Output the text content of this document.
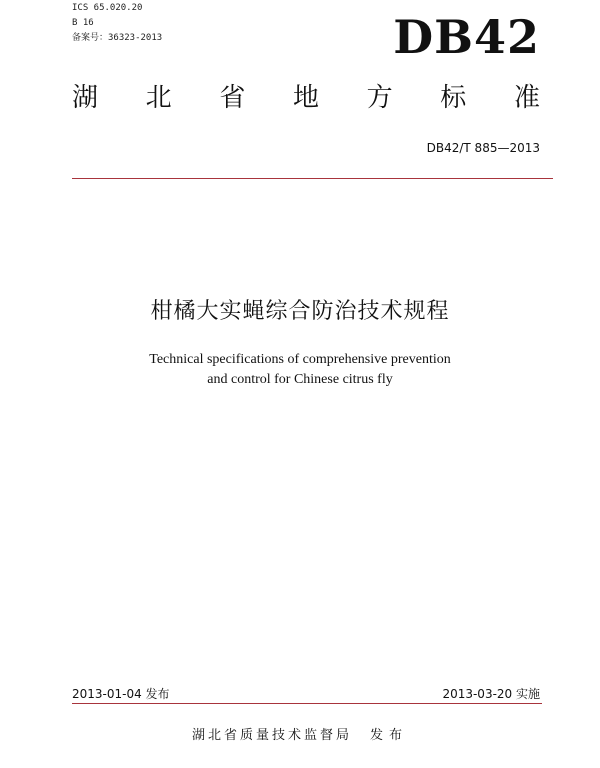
ICS 65.020.20
B 16
备案号：36323-2013	DB42
湖 北 省 地 方 标 准
DB42/T 885—2013
柑橘大实蝇综合防治技术规程
Technical specifications of comprehensive prevention
and control for Chinese citrus fly
2013-01-04 发布	2013-03-20 实施
湖北省质量技术监督局 发布
